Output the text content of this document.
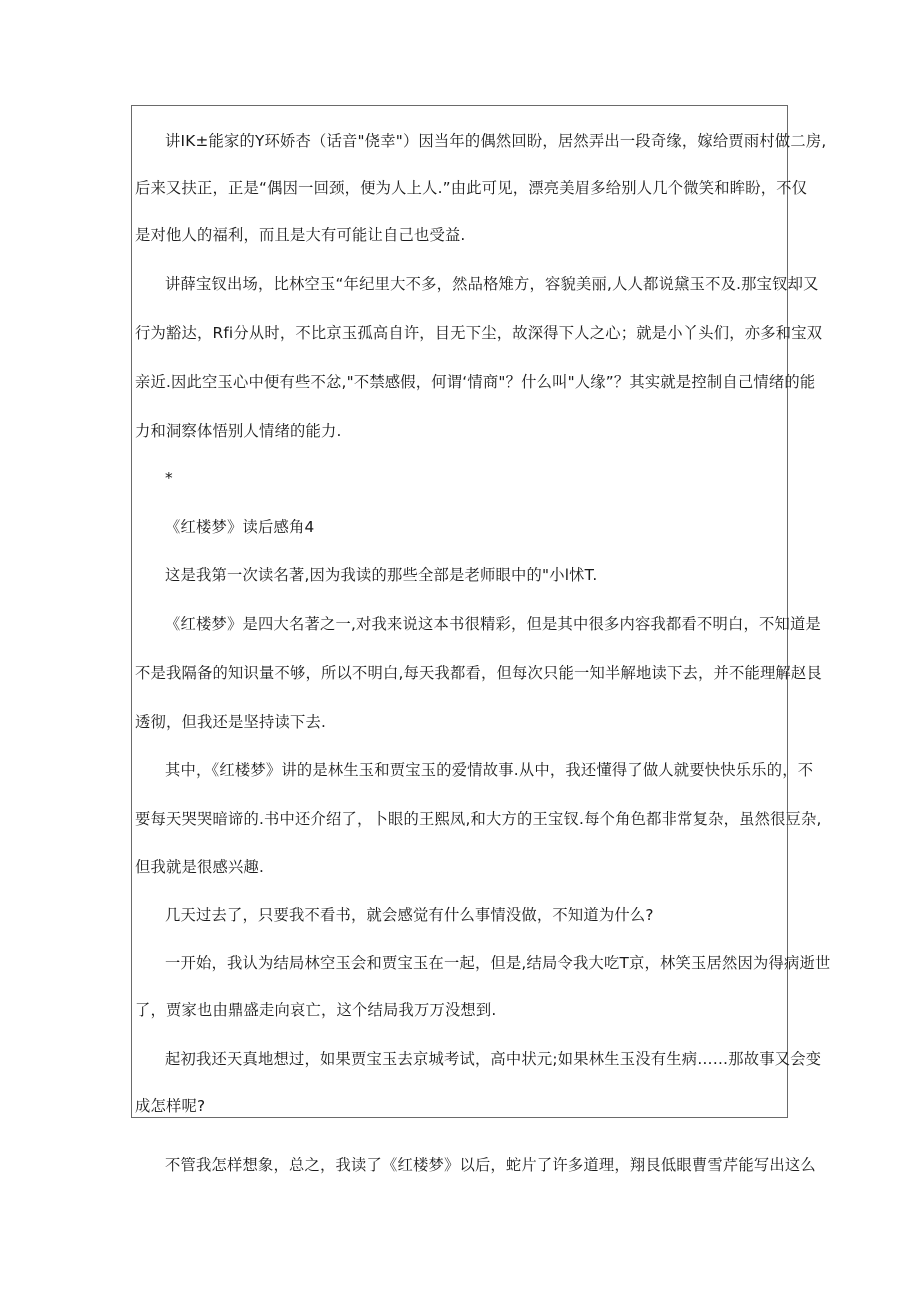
讲IK±能家的Y环娇杏（话音"侥幸"）因当年的偶然回盼，居然弄出一段奇缘，嫁给贾雨村做二房,
后来又扶正，正是“偶因一回颈，便为人上人.”由此可见，漂亮美眉多给别人几个微笑和眸盼，不仅
是对他人的福利，而且是大有可能让自己也受益.
讲薛宝钗出场，比林空玉“年纪里大不多，然品格雉方，容貌美丽,人人都说黛玉不及.那宝钗却又
行为豁达，Rfi分从时，不比京玉孤高自许，目无下尘，故深得下人之心；就是小丫头们，亦多和宝双
亲近.因此空玉心中便有些不忿,"不禁感假，何谓‘情商"？什么叫"人缘”？其实就是控制自己情绪的能
力和洞察体悟别人情绪的能力.
*
《红楼梦》读后感角4
这是我第一次读名著,因为我读的那些全部是老师眼中的"小l怵T.
《红楼梦》是四大名著之一,对我来说这本书很精彩，但是其中很多内容我都看不明白，不知道是
不是我隔备的知识量不够，所以不明白,每天我都看，但每次只能一知半解地读下去，并不能理解赵艮
透彻，但我还是坚持读下去.
其中，《红楼梦》讲的是林生玉和贾宝玉的爱情故事.从中，我还懂得了做人就要快快乐乐的，不
要每天哭哭暗谛的.书中还介绍了，卜眼的王熙凤,和大方的王宝钗.每个角色都非常复杂，虽然很豆杂,
但我就是很感兴趣.
几天过去了，只要我不看书，就会感觉有什么事情没做，不知道为什么?
一开始，我认为结局林空玉会和贾宝玉在一起，但是,结局令我大吃T京，林笑玉居然因为得病逝世
了，贾家也由鼎盛走向哀亡，这个结局我万万没想到.
起初我还天真地想过，如果贾宝玉去京城考试，高中状元;如果林生玉没有生病……那故事又会变
成怎样呢?
不管我怎样想象，总之，我读了《红楼梦》以后，蛇片了许多道理，翔艮低眼曹雪芹能写出这么
